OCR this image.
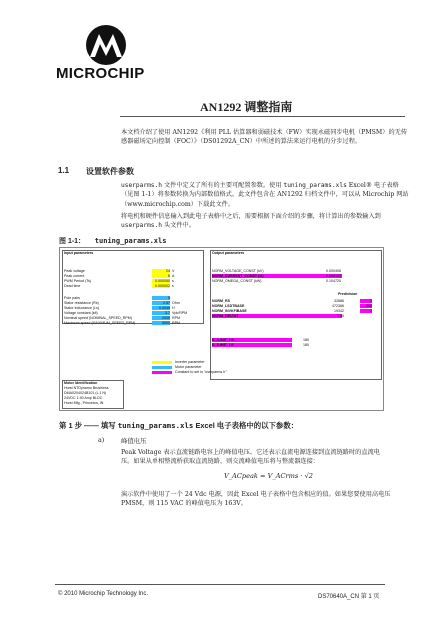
MICROCHIP
AN1292 调整指南
本文档介绍了使用 AN1292《利用 PLL 估算器和弱磁技术（FW）实现永磁同步电机（PMSM）的无传感器磁场定向控制（FOC）》（DS01292A_CN）中所述的算法来运行电机的分步过程。
1.1 设置软件参数
userparms.h 文件中定义了所有的主要可配置参数。使用 tuning_params.xls Excel® 电子表格（见图 1-1）将参数转换为内部数值格式。此文件包含在 AN1292 归档文件中，可以从 Microchip 网站（www.microchip.com）下载此文件。
将电机和硬件信息输入到此电子表格中之后，需要根据下面介绍的步骤，将计算出的参数输入到 userparms.h 头文件中。
图 1-1： tuning_params.xls
Input parameters
Peak voltage	24 V
Peak current	6 A
PWM Period (Ts)	0.000050 s
Dead time	0.000002 s
Pole pairs	5
Stator resistance (Rs)	2.57 Ohm
Stator inductance (Ls)	0.0049 H
Voltage constant (kfi)	3.7 Vpk/RPM
Nominal speed (NOMINAL_SPEED_RPM)	2000 RPM
Maximum speed (MAXIMUM_SPEED_RPM)	5000 RPM
Output parameters
NORM_VOLTAGE_CONST (kV)	0.000406
NORM_CURRENT_CONST (kI)	0.000183
NORM_OMEGA_CONST (kW)	0.104720
Predivision
NORM_RS	32886	2
NORM_LSDTBASE	472366	256
NORM_INVKFIBASE	19342	2
NORM_DELTAT	1.90
D_ILIMIT_HS	180
D_ILIMIT_LS	180
Inverter parameter
Motor parameter
Constant to set in "userparms.h"
Motor Identification
Hurst NTDynamo Brushless
DMA0204024B101 (L 1 N)
24VDC 1.90 Amp BLDC
Hurst Mfg., Princeton, IN
第 1 步 —— 填写 tuning_params.xls Excel 电子表格中的以下参数：
a)	峰值电压
Peak Voltage 表示直流链路电容上的峰值电压。它还表示直流电源连接到直流链路时的直流电压。如果从单相整流桥获取直流链路，则交流峰值电压将与整流器连接：
V_ACpeak = V_ACrms · √2
演示软件中使用了一个 24 Vdc 电源，因此 Excel 电子表格中包含相应的值。如果您要使用高电压 PMSM，则 115 VAC 的峰值电压为 163V。
© 2010 Microchip Technology Inc.	DS70640A_CN 第 1 页
